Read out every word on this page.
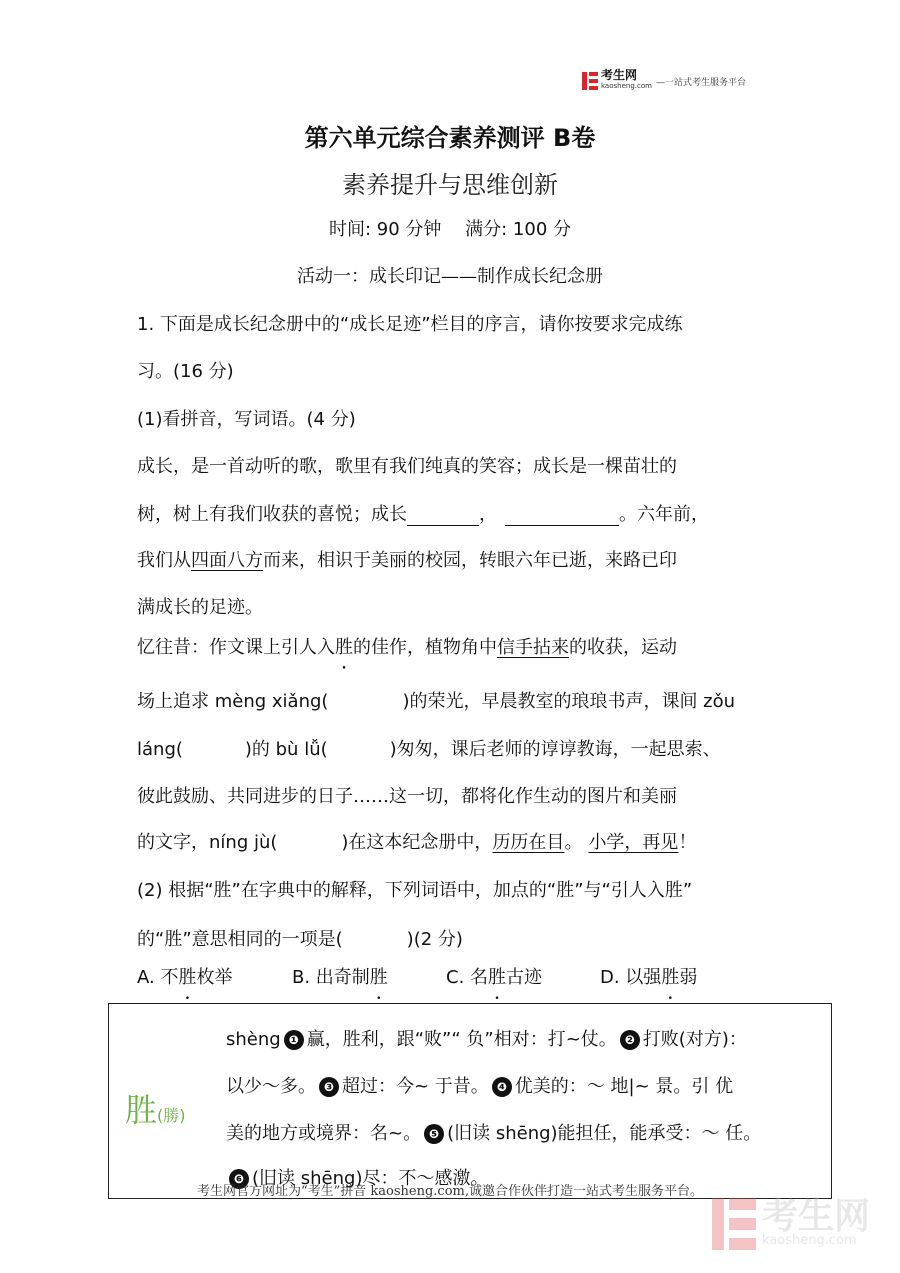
考生网
kaosheng.com —一站式考生服务平台
第六单元综合素养测评 B卷
素养提升与思维创新
时间: 90 分钟　 满分: 100 分
活动一：成长印记——制作成长纪念册
1. 下面是成长纪念册中的“成长足迹”栏目的序言，请你按要求完成练
习。(16 分)
(1)看拼音，写词语。(4 分)
成长，是一首动听的歌，歌里有我们纯真的笑容；成长是一棵苗壮的
树，树上有我们收获的喜悦；成长	，	。六年前，
我们从四面八方而来，相识于美丽的校园，转眼六年已逝，来路已印
满成长的足迹。
忆往昔：作文课上引人入胜的佳作，植物角中信手拈来的收获，运动
场上追求 mèng xiǎng(	)的荣光，早晨教室的琅琅书声，课间 zǒu
láng(	)的 bù lǚ(	)匆匆，课后老师的谆谆教诲，一起思索、
彼此鼓励、共同进步的日子……这一切，都将化作生动的图片和美丽
的文字，níng jù(	)在这本纪念册中，历历在目。 小学，再见！
(2) 根据“胜”在字典中的解释，下列词语中，加点的“胜”与“引人入胜”
的“胜”意思相同的一项是(	)(2 分)
A. 不胜枚举	B. 出奇制胜	C. 名胜古迹	D. 以强胜弱
胜(勝)
shèng ❶ 赢，胜利，跟“败”“ 负”相对：打~仗。 ❷ 打败(对方)：
以少～多。 ❸ 超过：今~ 于昔。 ❹ 优美的：～ 地|~ 景。引 优
美的地方或境界：名~。 ❺ (旧读 shēng)能担任，能承受：～ 任。
❻ (旧读 shēng)尽：不～感激。
考生网官方网址为“考生”拼音 kaosheng.com,诚邀合作伙伴打造一站式考生服务平台。
考生网
kaosheng.com
